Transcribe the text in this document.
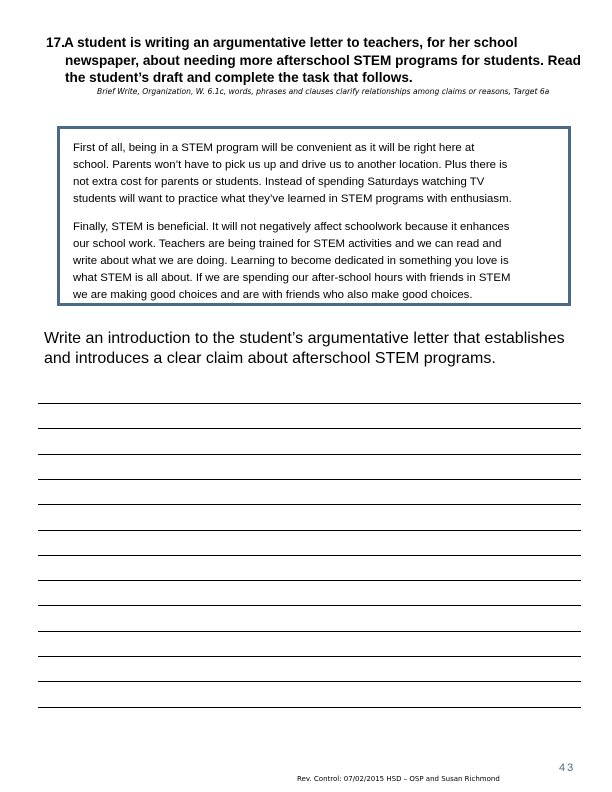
17. A student is writing an argumentative letter to teachers, for her school newspaper, about needing more afterschool STEM programs for students. Read the student’s draft and complete the task that follows.

Brief Write, Organization, W. 6.1c, words, phrases and clauses clarify relationships among claims or reasons, Target 6a

First of all, being in a STEM program will be convenient as it will be right here at
school. Parents won’t have to pick us up and drive us to another location. Plus there is
not extra cost for parents or students. Instead of spending Saturdays watching TV
students will want to practice what they’ve learned in STEM programs with enthusiasm.

Finally, STEM is beneficial. It will not negatively affect schoolwork because it enhances
our school work. Teachers are being trained for STEM activities and we can read and
write about what we are doing. Learning to become dedicated in something you love is
what STEM is all about. If we are spending our after-school hours with friends in STEM
we are making good choices and are with friends who also make good choices.

Write an introduction to the student’s argumentative letter that establishes and introduces a clear claim about afterschool STEM programs.

Rev. Control: 07/02/2015 HSD – OSP and Susan Richmond

43
